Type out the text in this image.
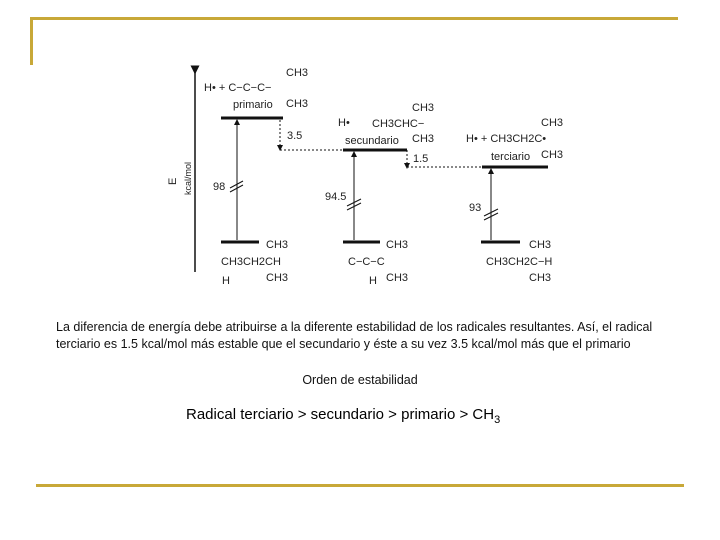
E kcal/mol
H• + C−C−C−
CH3
CH3
primario
3.5
H• CH3CHC−
CH3
CH3
secundario
1.5
H• + CH3CH2C•
CH3
CH3
terciario
98
94.5
93
CH3
CH3CH2CH
CH3
H
CH3
C−C−C
CH3
H
CH3
CH3CH2C−H
CH3
La diferencia de energía debe atribuirse a la diferente estabilidad de los radicales resultantes. Así, el radical terciario es 1.5 kcal/mol más estable que el secundario y éste a su vez 3.5 kcal/mol más que el primario
Orden de estabilidad
Radical terciario > secundario > primario > $CH_3$
